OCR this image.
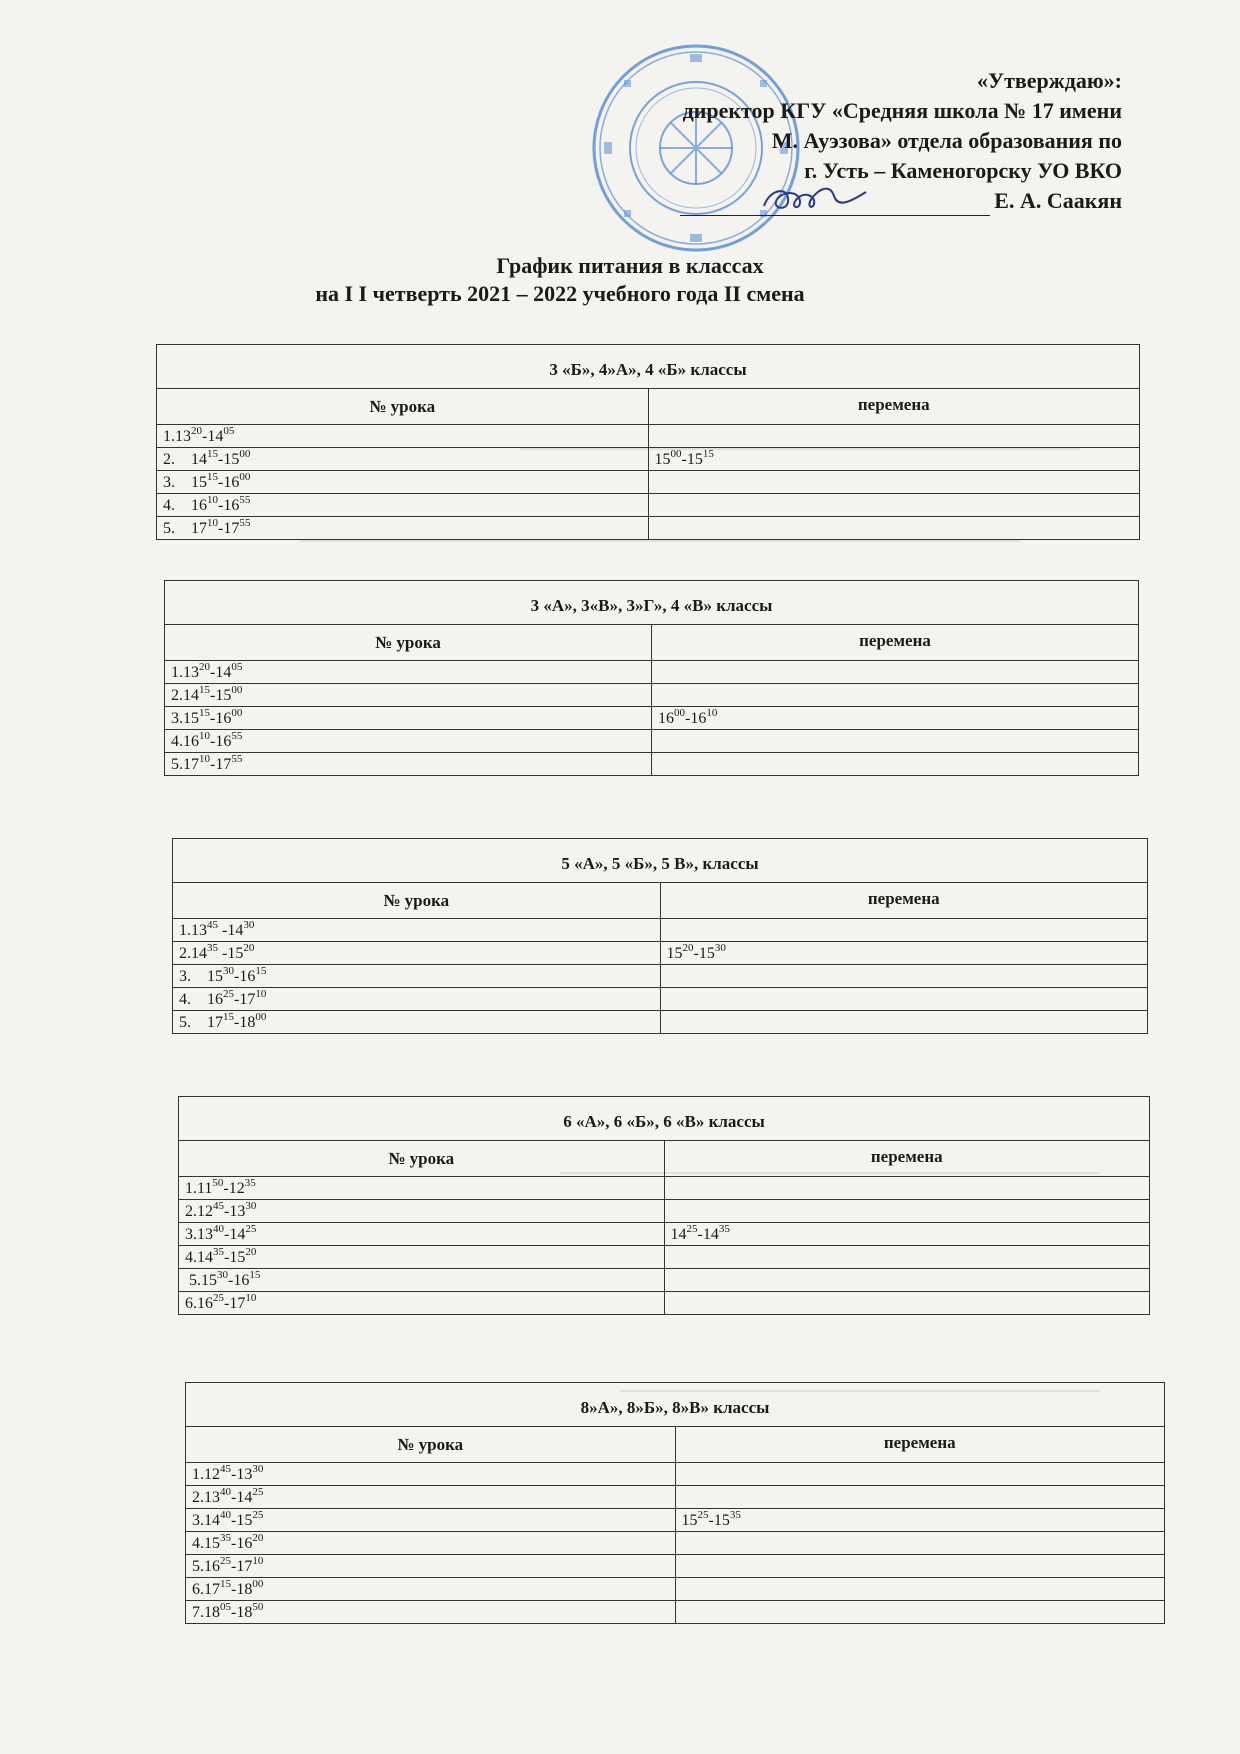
«Утверждаю»:
директор КГУ «Средняя школа № 17 имени
М. Ауэзова» отдела образования по
г. Усть – Каменогорску УО ВКО
Е. А. Саакян
График питания в классах
на I I четверть 2021 – 2022 учебного года II смена
3 «Б», 4»А», 4 «Б» классы	
№ урока	перемена
$1.13^{20}-14^{05}$	
2.    $14^{15}-15^{00}$	$15^{00}-15^{15}$
3.    $15^{15}-16^{00}$	
4.    $16^{10}-16^{55}$	
5.    $17^{10}-17^{55}$	
3 «А», 3«В», 3»Г», 4 «В» классы	
№ урока	перемена
$1.13^{20}-14^{05}$	
$2.14^{15}-15^{00}$	
$3.15^{15}-16^{00}$	$16^{00}-16^{10}$
$4.16^{10}-16^{55}$	
$5.17^{10}-17^{55}$	
5 «А», 5 «Б», 5 В», классы	
№ урока	перемена
1.13$^{45}$ $-14^{30}$	
2.14$^{35}$ $-15^{20}$	$15^{20}-15^{30}$
3.    $15^{30}-16^{15}$	
4.    $16^{25}-17^{10}$	
5.    $17^{15}-18^{00}$	
6 «А», 6 «Б», 6 «В» классы	
№ урока	перемена
$1.11^{50}-12^{35}$	
$2.12^{45}-13^{30}$	
$3.13^{40}-14^{25}$	$14^{25}-14^{35}$
$4.14^{35}-15^{20}$	
$5.15^{30}-16^{15}$	
$6.16^{25}-17^{10}$	
8»А», 8»Б», 8»В» классы	
№ урока	перемена
$1.12^{45}-13^{30}$	
$2.13^{40}-14^{25}$	
$3.14^{40}-15^{25}$	$15^{25}-15^{35}$
$4.15^{35}-16^{20}$	
$5.16^{25}-17^{10}$	
$6.17^{15}-18^{00}$	
$7.18^{05}-18^{50}$	
